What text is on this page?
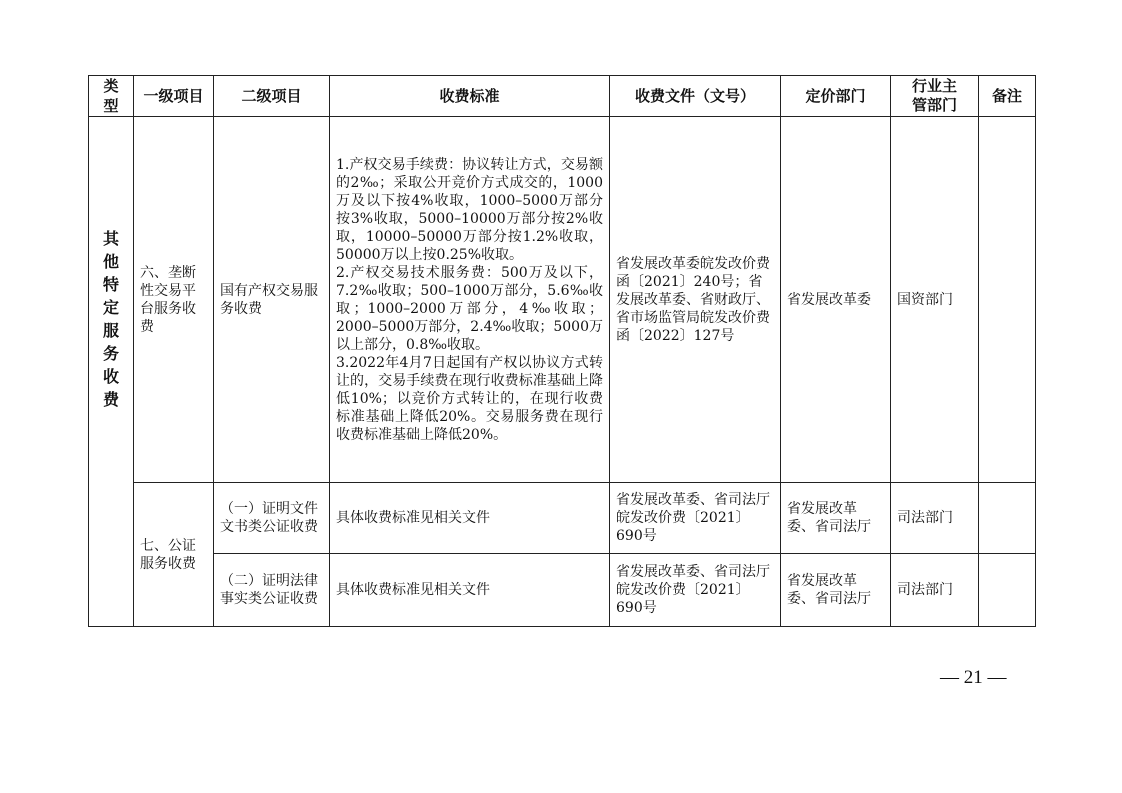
类型	一级项目	二级项目	收费标准	收费文件（文号）	定价部门	行业主管部门	备注
其他特定服务收费	六、垄断性交易平台服务收费	国有产权交易服务收费	1.产权交易手续费：协议转让方式，交易额的2‰；采取公开竞价方式成交的，1000万及以下按4%收取，1000–5000万部分按3%收取，5000–10000万部分按2%收取，10000–50000万部分按1.2%收取，50000万以上按0.25%收取。
2.产权交易技术服务费：500万及以下，7.2‰收取；500–1000万部分，5.6‰收取；1000–2000万部分，4‰收取；2000–5000万部分，2.4‰收取；5000万以上部分，0.8‰收取。
3.2022年4月7日起国有产权以协议方式转让的，交易手续费在现行收费标准基础上降低10%；以竞价方式转让的，在现行收费标准基础上降低20%。交易服务费在现行收费标准基础上降低20%。	省发展改革委皖发改价费函〔2021〕240号；省发展改革委、省财政厅、省市场监管局皖发改价费函〔2022〕127号	省发展改革委	国资部门	
	七、公证服务收费	（一）证明文件文书类公证收费	具体收费标准见相关文件	省发展改革委、省司法厅皖发改价费〔2021〕690号	省发展改革委、省司法厅	司法部门	
		（二）证明法律事实类公证收费	具体收费标准见相关文件	省发展改革委、省司法厅皖发改价费〔2021〕690号	省发展改革委、省司法厅	司法部门	
— 21 —
